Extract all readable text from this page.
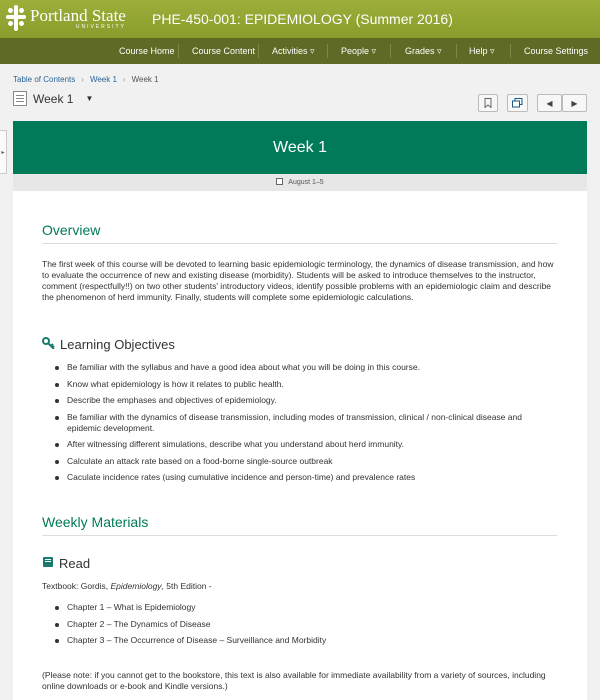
Portland State
UNIVERSITY PHE-450-001: EPIDEMIOLOGY (Summer 2016)
Course Home Course Content Activities ▿	People ▿	Grades ▿	Help ▿	Course Settings
Table of Contents › Week 1 › Week 1
Week 1 ▼	◀ ▶
▸	Week 1
August 1–5
Overview
The first week of this course will be devoted to learning basic epidemiologic terminology, the dynamics of disease transmission, and how to evaluate the occurrence of new and existing disease (morbidity). Students will be asked to introduce themselves to the instructor, comment (respectfully!!) on two other students' introductory videos, identify possible problems with an epidemiologic claim and describe the phenomenon of herd immunity. Finally, students will complete some epidemiologic calculations.
Learning Objectives
Be familiar with the syllabus and have a good idea about what you will be doing in this course.
Know what epidemiology is how it relates to public health.
Describe the emphases and objectives of epidemiology.
Be familiar with the dynamics of disease transmission, including modes of transmission, clinical / non-clinical disease and epidemic development.
After witnessing different simulations, describe what you understand about herd immunity.
Calculate an attack rate based on a food-borne single-source outbreak
Caculate incidence rates (using cumulative incidence and person-time) and prevalence rates
Weekly Materials
Read
Textbook: Gordis, Epidemiology, 5th Edition -
Chapter 1 – What is Epidemiology
Chapter 2 – The Dynamics of Disease
Chapter 3 – The Occurrence of Disease – Surveillance and Morbidity
(Please note: if you cannot get to the bookstore, this text is also available for immediate availability from a variety of sources, including online downloads or e-book and Kindle versions.)
